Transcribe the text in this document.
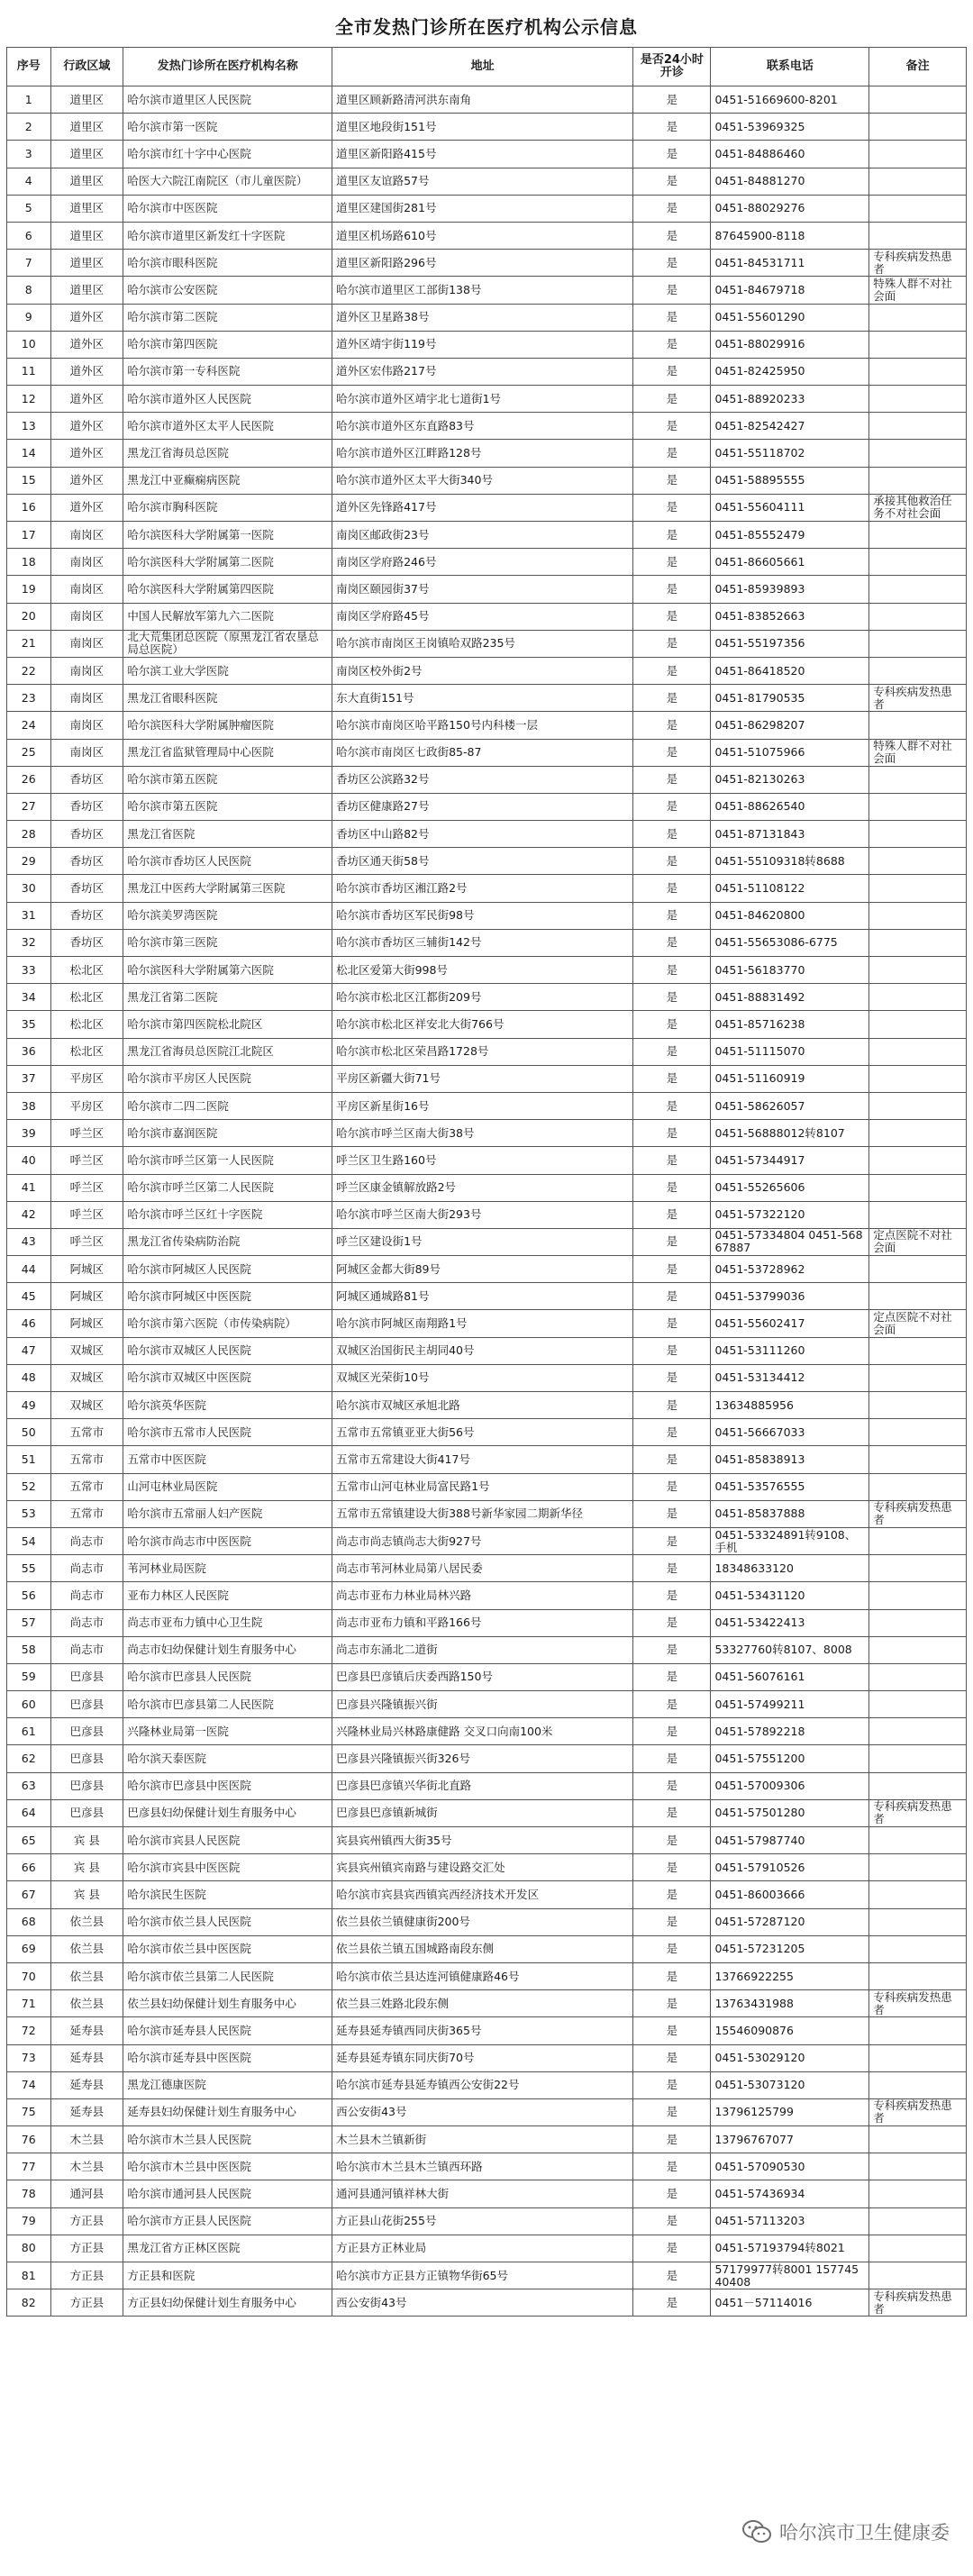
全市发热门诊所在医疗机构公示信息
序号	行政区域	发热门诊所在医疗机构名称	地址	是否24小时开诊	联系电话	备注
1	道里区	哈尔滨市道里区人民医院	道里区顾新路清河洪东南角	是	0451-51669600-8201	
2	道里区	哈尔滨市第一医院	道里区地段街151号	是	0451-53969325	
3	道里区	哈尔滨市红十字中心医院	道里区新阳路415号	是	0451-84886460	
4	道里区	哈医大六院江南院区（市儿童医院）	道里区友谊路57号	是	0451-84881270	
5	道里区	哈尔滨市中医医院	道里区建国街281号	是	0451-88029276	
6	道里区	哈尔滨市道里区新发红十字医院	道里区机场路610号	是	87645900-8118	
7	道里区	哈尔滨市眼科医院	道里区新阳路296号	是	0451-84531711	专科疾病发热患者
8	道里区	哈尔滨市公安医院	哈尔滨市道里区工部街138号	是	0451-84679718	特殊人群不对社会面
9	道外区	哈尔滨市第二医院	道外区卫星路38号	是	0451-55601290	
10	道外区	哈尔滨市第四医院	道外区靖宇街119号	是	0451-88029916	
11	道外区	哈尔滨市第一专科医院	道外区宏伟路217号	是	0451-82425950	
12	道外区	哈尔滨市道外区人民医院	哈尔滨市道外区靖宇北七道街1号	是	0451-88920233	
13	道外区	哈尔滨市道外区太平人民医院	哈尔滨市道外区东直路83号	是	0451-82542427	
14	道外区	黑龙江省海员总医院	哈尔滨市道外区江畔路128号	是	0451-55118702	
15	道外区	黑龙江中亚癫痫病医院	哈尔滨市道外区太平大街340号	是	0451-58895555	
16	道外区	哈尔滨市胸科医院	道外区先锋路417号	是	0451-55604111	承接其他救治任务不对社会面
17	南岗区	哈尔滨医科大学附属第一医院	南岗区邮政街23号	是	0451-85552479	
18	南岗区	哈尔滨医科大学附属第二医院	南岗区学府路246号	是	0451-86605661	
19	南岗区	哈尔滨医科大学附属第四医院	南岗区颐园街37号	是	0451-85939893	
20	南岗区	中国人民解放军第九六二医院	南岗区学府路45号	是	0451-83852663	
21	南岗区	北大荒集团总医院（原黑龙江省农垦总局总医院）	哈尔滨市南岗区王岗镇哈双路235号	是	0451-55197356	
22	南岗区	哈尔滨工业大学医院	南岗区校外街2号	是	0451-86418520	
23	南岗区	黑龙江省眼科医院	东大直街151号	是	0451-81790535	专科疾病发热患者
24	南岗区	哈尔滨医科大学附属肿瘤医院	哈尔滨市南岗区哈平路150号内科楼一层	是	0451-86298207	
25	南岗区	黑龙江省监狱管理局中心医院	哈尔滨市南岗区七政街85-87	是	0451-51075966	特殊人群不对社会面
26	香坊区	哈尔滨市第五医院	香坊区公滨路32号	是	0451-82130263	
27	香坊区	哈尔滨市第五医院	香坊区健康路27号	是	0451-88626540	
28	香坊区	黑龙江省医院	香坊区中山路82号	是	0451-87131843	
29	香坊区	哈尔滨市香坊区人民医院	香坊区通天街58号	是	0451-55109318转8688	
30	香坊区	黑龙江中医药大学附属第三医院	哈尔滨市香坊区湘江路2号	是	0451-51108122	
31	香坊区	哈尔滨美罗湾医院	哈尔滨市香坊区军民街98号	是	0451-84620800	
32	香坊区	哈尔滨市第三医院	哈尔滨市香坊区三辅街142号	是	0451-55653086-6775	
33	松北区	哈尔滨医科大学附属第六医院	松北区爱第大街998号	是	0451-56183770	
34	松北区	黑龙江省第二医院	哈尔滨市松北区江都街209号	是	0451-88831492	
35	松北区	哈尔滨市第四医院松北院区	哈尔滨市松北区祥安北大街766号	是	0451-85716238	
36	松北区	黑龙江省海员总医院江北院区	哈尔滨市松北区荣昌路1728号	是	0451-51115070	
37	平房区	哈尔滨市平房区人民医院	平房区新疆大街71号	是	0451-51160919	
38	平房区	哈尔滨市二四二医院	平房区新星街16号	是	0451-58626057	
39	呼兰区	哈尔滨市嘉润医院	哈尔滨市呼兰区南大街38号	是	0451-56888012转8107	
40	呼兰区	哈尔滨市呼兰区第一人民医院	呼兰区卫生路160号	是	0451-57344917	
41	呼兰区	哈尔滨市呼兰区第二人民医院	呼兰区康金镇解放路2号	是	0451-55265606	
42	呼兰区	哈尔滨市呼兰区红十字医院	哈尔滨市呼兰区南大街293号	是	0451-57322120	
43	呼兰区	黑龙江省传染病防治院	呼兰区建设街1号	是	0451-57334804 0451-56867887	定点医院不对社会面
44	阿城区	哈尔滨市阿城区人民医院	阿城区金都大街89号	是	0451-53728962	
45	阿城区	哈尔滨市阿城区中医医院	阿城区通城路81号	是	0451-53799036	
46	阿城区	哈尔滨市第六医院（市传染病院）	哈尔滨市阿城区南翔路1号	是	0451-55602417	定点医院不对社会面
47	双城区	哈尔滨市双城区人民医院	双城区治国街民主胡同40号	是	0451-53111260	
48	双城区	哈尔滨市双城区中医医院	双城区光荣街10号	是	0451-53134412	
49	双城区	哈尔滨英华医院	哈尔滨市双城区承旭北路	是	13634885956	
50	五常市	哈尔滨市五常市人民医院	五常市五常镇亚亚大街56号	是	0451-56667033	
51	五常市	五常市中医医院	五常市五常建设大街417号	是	0451-85838913	
52	五常市	山河屯林业局医院	五常市山河屯林业局富民路1号	是	0451-53576555	
53	五常市	哈尔滨市五常丽人妇产医院	五常市五常镇建设大街388号新华家园二期新华径	是	0451-85837888	专科疾病发热患者
54	尚志市	哈尔滨市尚志市中医医院	尚志市尚志镇尚志大街927号	是	0451-53324891转9108、手机	
55	尚志市	苇河林业局医院	尚志市苇河林业局第八居民委	是	18348633120	
56	尚志市	亚布力林区人民医院	尚志市亚布力林业局林兴路	是	0451-53431120	
57	尚志市	尚志市亚布力镇中心卫生院	尚志市亚布力镇和平路166号	是	0451-53422413	
58	尚志市	尚志市妇幼保健计划生育服务中心	尚志市东涌北二道街	是	53327760转8107、8008	
59	巴彦县	哈尔滨市巴彦县人民医院	巴彦县巴彦镇后庆委西路150号	是	0451-56076161	
60	巴彦县	哈尔滨市巴彦县第二人民医院	巴彦县兴隆镇振兴街	是	0451-57499211	
61	巴彦县	兴隆林业局第一医院	兴隆林业局兴林路康健路 交叉口向南100米	是	0451-57892218	
62	巴彦县	哈尔滨天泰医院	巴彦县兴隆镇振兴街326号	是	0451-57551200	
63	巴彦县	哈尔滨市巴彦县中医医院	巴彦县巴彦镇兴华街北直路	是	0451-57009306	
64	巴彦县	巴彦县妇幼保健计划生育服务中心	巴彦县巴彦镇新城街	是	0451-57501280	专科疾病发热患者
65	宾 县	哈尔滨市宾县人民医院	宾县宾州镇西大街35号	是	0451-57987740	
66	宾 县	哈尔滨市宾县中医医院	宾县宾州镇宾南路与建设路交汇处	是	0451-57910526	
67	宾 县	哈尔滨民生医院	哈尔滨市宾县宾西镇宾西经济技术开发区	是	0451-86003666	
68	依兰县	哈尔滨市依兰县人民医院	依兰县依兰镇健康街200号	是	0451-57287120	
69	依兰县	哈尔滨市依兰县中医医院	依兰县依兰镇五国城路南段东侧	是	0451-57231205	
70	依兰县	哈尔滨市依兰县第二人民医院	哈尔滨市依兰县达连河镇健康路46号	是	13766922255	
71	依兰县	依兰县妇幼保健计划生育服务中心	依兰县三姓路北段东侧	是	13763431988	专科疾病发热患者
72	延寿县	哈尔滨市延寿县人民医院	延寿县延寿镇西同庆街365号	是	15546090876	
73	延寿县	哈尔滨市延寿县中医医院	延寿县延寿镇东同庆街70号	是	0451-53029120	
74	延寿县	黑龙江德康医院	哈尔滨市延寿县延寿镇西公安街22号	是	0451-53073120	
75	延寿县	延寿县妇幼保健计划生育服务中心	西公安街43号	是	13796125799	专科疾病发热患者
76	木兰县	哈尔滨市木兰县人民医院	木兰县木兰镇新街	是	13796767077	
77	木兰县	哈尔滨市木兰县中医医院	哈尔滨市木兰县木兰镇西环路	是	0451-57090530	
78	通河县	哈尔滨市通河县人民医院	通河县通河镇祥林大街	是	0451-57436934	
79	方正县	哈尔滨市方正县人民医院	方正县山花街255号	是	0451-57113203	
80	方正县	黑龙江省方正林区医院	方正县方正林业局	是	0451-57193794转8021	
81	方正县	方正县和医院	哈尔滨市方正县方正镇物华街65号	是	57179977转8001 15774540408	
82	方正县	方正县妇幼保健计划生育服务中心	西公安街43号	是	0451－57114016	专科疾病发热患者
哈尔滨市卫生健康委
